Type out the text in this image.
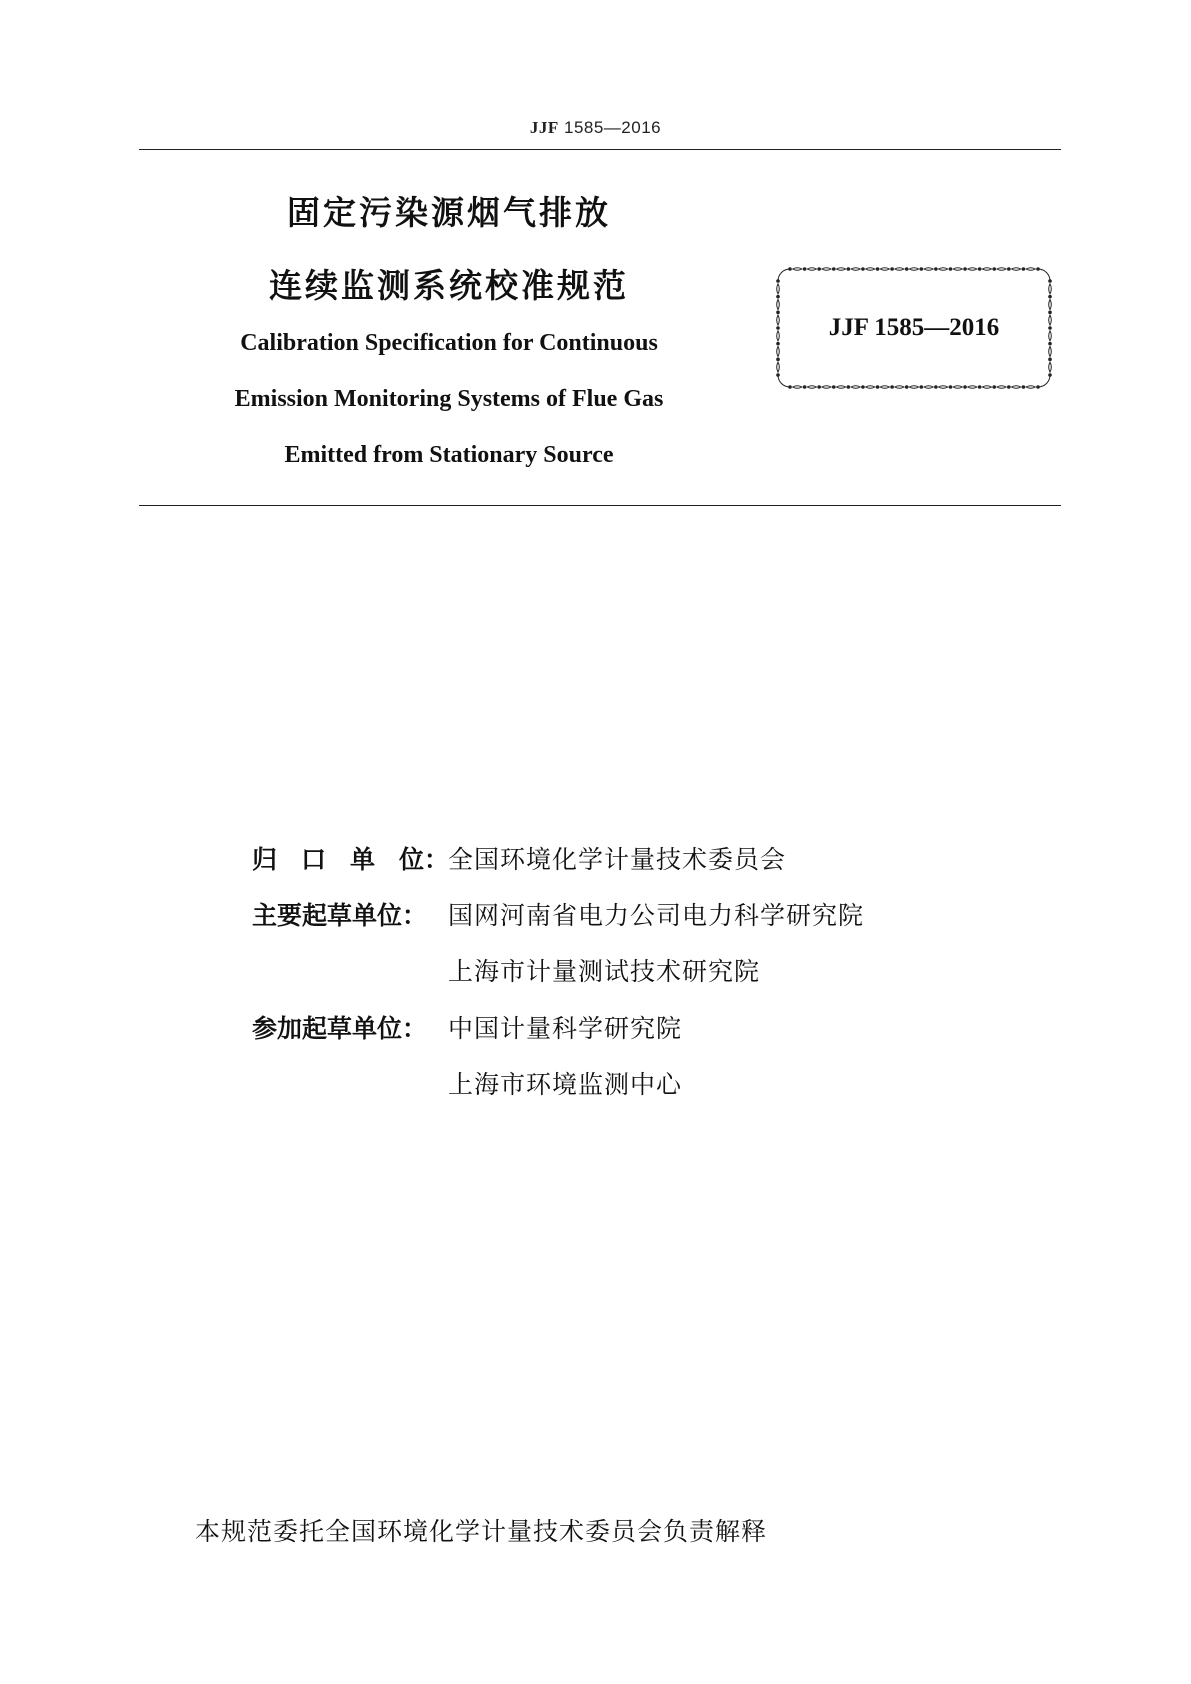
JJF 1585—2016
固定污染源烟气排放
连续监测系统校准规范
Calibration Specification for Continuous
Emission Monitoring Systems of Flue Gas
Emitted from Stationary Source
JJF 1585—2016
归 口 单 位：
全国环境化学计量技术委员会
主要起草单位： 国网河南省电力公司电力科学研究院
上海市计量测试技术研究院
参加起草单位： 中国计量科学研究院
上海市环境监测中心
本规范委托全国环境化学计量技术委员会负责解释
